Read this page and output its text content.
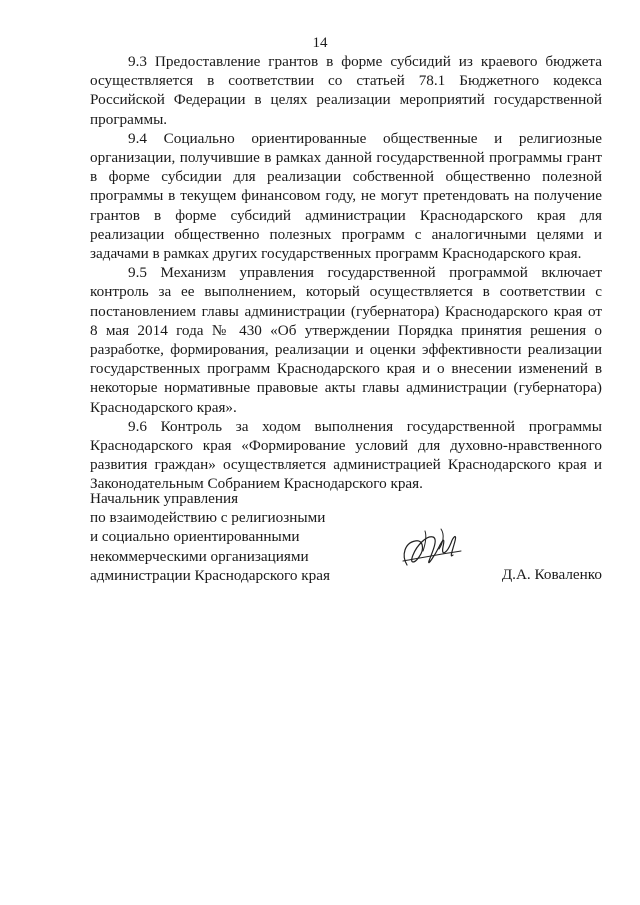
14

9.3 Предоставление грантов в форме субсидий из краевого бюджета осуществляется в соответствии со статьей 78.1 Бюджетного кодекса Российской Федерации в целях реализации мероприятий государственной программы.

9.4 Социально ориентированные общественные и религиозные организации, получившие в рамках данной государственной программы грант в форме субсидии для реализации собственной общественно полезной программы в текущем финансовом году, не могут претендовать на получение грантов в форме субсидий администрации Краснодарского края для реализации общественно полезных программ с аналогичными целями и задачами в рамках других государственных программ Краснодарского края.

9.5 Механизм управления государственной программой включает контроль за ее выполнением, который осуществляется в соответствии с постановлением главы администрации (губернатора) Краснодарского края от 8 мая 2014 года № 430 «Об утверждении Порядка принятия решения о разработке, формирования, реализации и оценки эффективности реализации государственных программ Краснодарского края и о внесении изменений в некоторые нормативные правовые акты главы администрации (губернатора) Краснодарского края».

9.6 Контроль за ходом выполнения государственной программы Краснодарского края «Формирование условий для духовно-нравственного развития граждан» осуществляется администрацией Краснодарского края и Законодательным Собранием Краснодарского края.

Начальник управления
по взаимодействию с религиозными
и социально ориентированными
некоммерческими организациями
администрации Краснодарского края	Д.А. Коваленко
